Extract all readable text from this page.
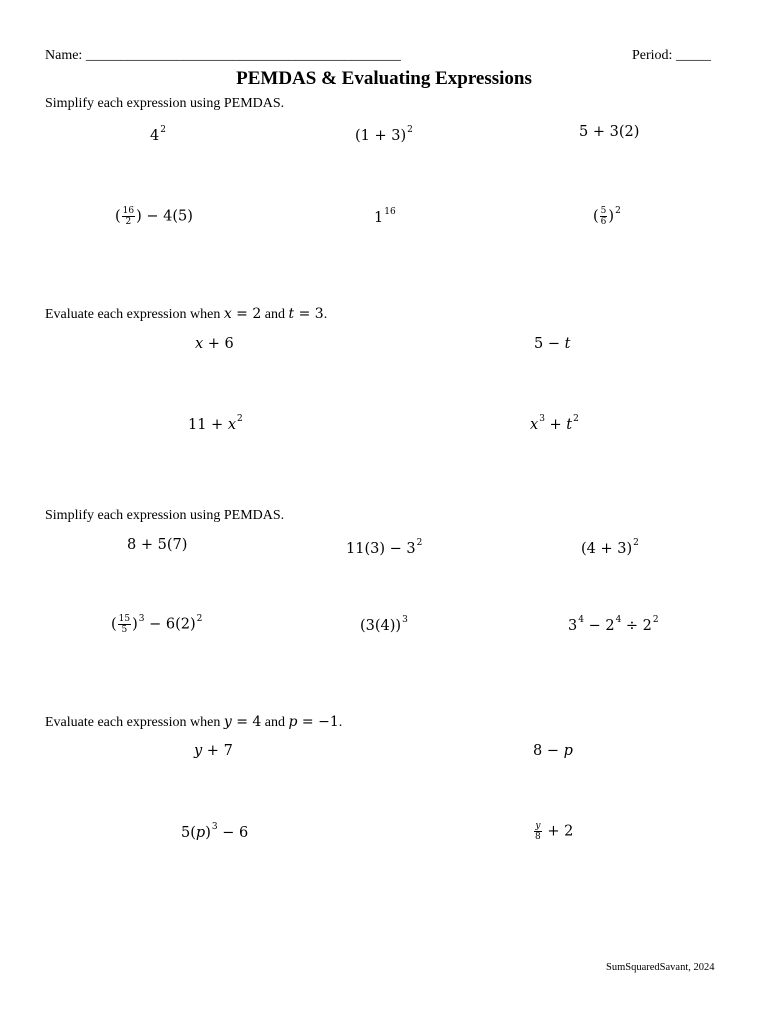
Name: _____________________________________________	Period: _____
PEMDAS & Evaluating Expressions
Simplify each expression using PEMDAS.
$4^2$	$(1 + 3)^2$	5 + 3(2)
( $\frac{16}{2}$ ) − 4(5)	$1^{16}$	( $\frac{5}{6} )^2$
Evaluate each expression when x = 2 and t = 3.
x + 6	5 − t
$11 + x^2$	$x^3 + t^2$
Simplify each expression using PEMDAS.
8 + 5(7)	$11(3) - 3^2$	$(4 + 3)^2$
( $\frac{15}{5} )^3 - 6(2)^2$	$(3(4))^3$	$3^4 - 2^4 \div 2^2$
Evaluate each expression when y = 4 and p = −1.
y + 7	8 − p
$5(p)^3 - 6$	$\frac{y}{8} + 2$
SumSquaredSavant, 2024
